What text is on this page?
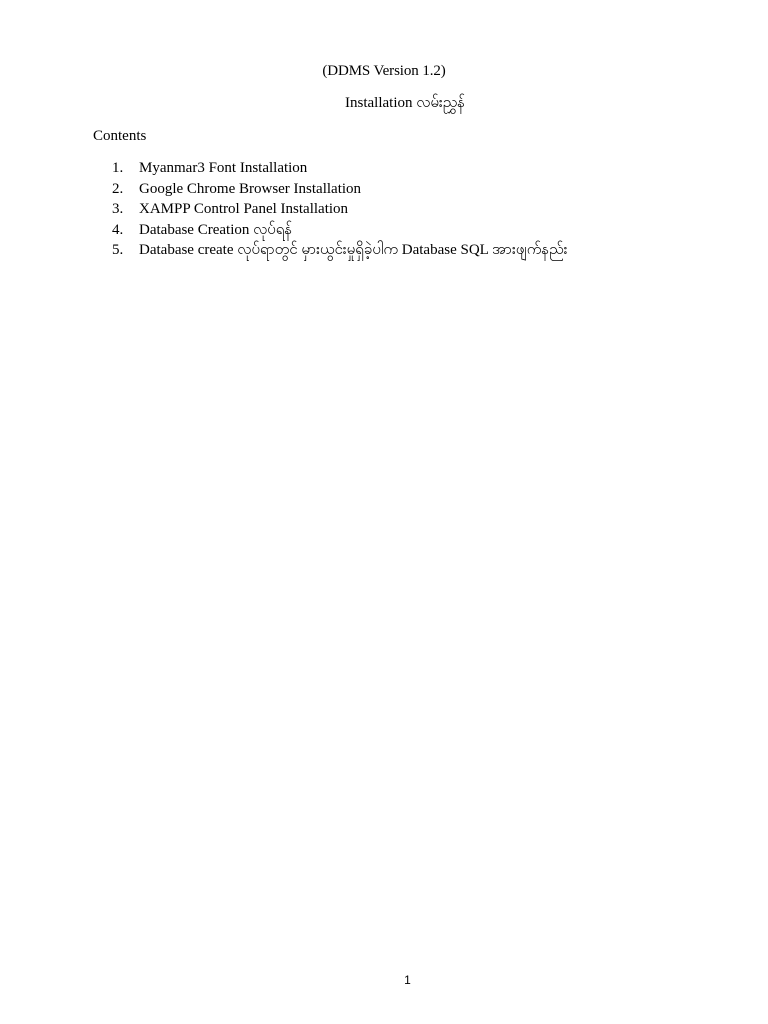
(DDMS Version 1.2)
Installation လမ်းညွှန်
Contents
1.	Myanmar3 Font Installation
2.	Google Chrome Browser Installation
3.	XAMPP Control Panel Installation
4.	Database Creation လုပ်ရန်
5.	Database create လုပ်ရာတွင် မှားယွင်းမှုရှိခဲ့ပါက Database SQL အားဖျက်နည်း
1
